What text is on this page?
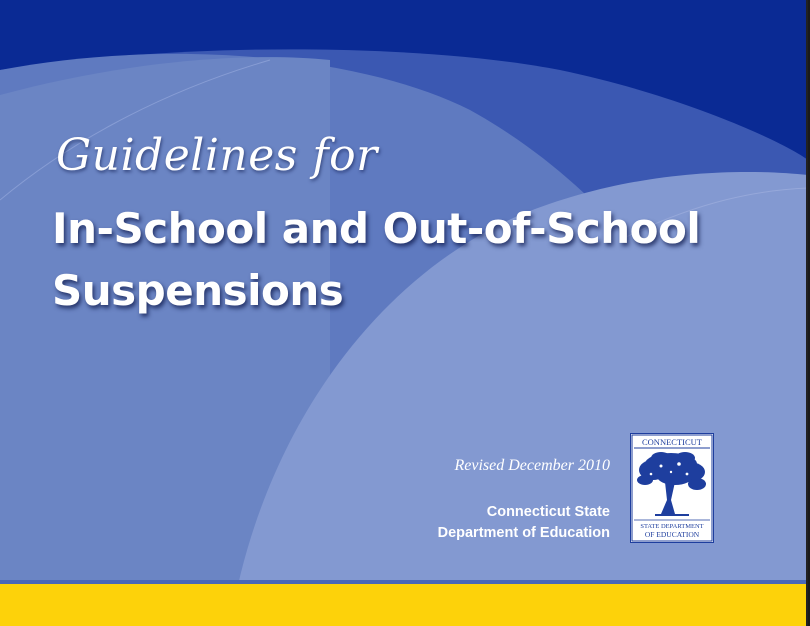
Guidelines for
In-School and Out-of-School
Suspensions
Revised December 2010
Connecticut State
Department of Education
CONNECTICUT
STATE DEPARTMENT
OF EDUCATION
